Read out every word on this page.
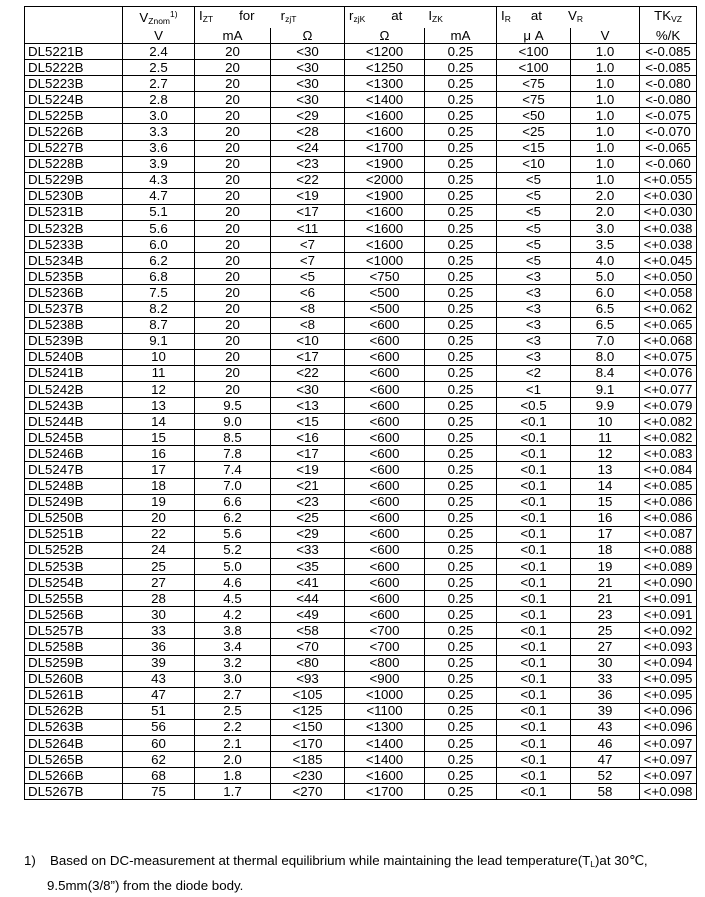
	$V_{Znom}^{1)}$	$I_{ZT}$ for $r_{zjT}$		$r_{zjK}$ at $I_{ZK}$		$I_R$ at $V_R$		$TK_{VZ}$
	V	mA	Ω	Ω	mA	μ A	V	%/K
DL5221B	2.4	20	<30	<1200	0.25	<100	1.0	<-0.085
DL5222B	2.5	20	<30	<1250	0.25	<100	1.0	<-0.085
DL5223B	2.7	20	<30	<1300	0.25	<75	1.0	<-0.080
DL5224B	2.8	20	<30	<1400	0.25	<75	1.0	<-0.080
DL5225B	3.0	20	<29	<1600	0.25	<50	1.0	<-0.075
DL5226B	3.3	20	<28	<1600	0.25	<25	1.0	<-0.070
DL5227B	3.6	20	<24	<1700	0.25	<15	1.0	<-0.065
DL5228B	3.9	20	<23	<1900	0.25	<10	1.0	<-0.060
DL5229B	4.3	20	<22	<2000	0.25	<5	1.0	<+0.055
DL5230B	4.7	20	<19	<1900	0.25	<5	2.0	<+0.030
DL5231B	5.1	20	<17	<1600	0.25	<5	2.0	<+0.030
DL5232B	5.6	20	<11	<1600	0.25	<5	3.0	<+0.038
DL5233B	6.0	20	<7	<1600	0.25	<5	3.5	<+0.038
DL5234B	6.2	20	<7	<1000	0.25	<5	4.0	<+0.045
DL5235B	6.8	20	<5	<750	0.25	<3	5.0	<+0.050
DL5236B	7.5	20	<6	<500	0.25	<3	6.0	<+0.058
DL5237B	8.2	20	<8	<500	0.25	<3	6.5	<+0.062
DL5238B	8.7	20	<8	<600	0.25	<3	6.5	<+0.065
DL5239B	9.1	20	<10	<600	0.25	<3	7.0	<+0.068
DL5240B	10	20	<17	<600	0.25	<3	8.0	<+0.075
DL5241B	11	20	<22	<600	0.25	<2	8.4	<+0.076
DL5242B	12	20	<30	<600	0.25	<1	9.1	<+0.077
DL5243B	13	9.5	<13	<600	0.25	<0.5	9.9	<+0.079
DL5244B	14	9.0	<15	<600	0.25	<0.1	10	<+0.082
DL5245B	15	8.5	<16	<600	0.25	<0.1	11	<+0.082
DL5246B	16	7.8	<17	<600	0.25	<0.1	12	<+0.083
DL5247B	17	7.4	<19	<600	0.25	<0.1	13	<+0.084
DL5248B	18	7.0	<21	<600	0.25	<0.1	14	<+0.085
DL5249B	19	6.6	<23	<600	0.25	<0.1	15	<+0.086
DL5250B	20	6.2	<25	<600	0.25	<0.1	16	<+0.086
DL5251B	22	5.6	<29	<600	0.25	<0.1	17	<+0.087
DL5252B	24	5.2	<33	<600	0.25	<0.1	18	<+0.088
DL5253B	25	5.0	<35	<600	0.25	<0.1	19	<+0.089
DL5254B	27	4.6	<41	<600	0.25	<0.1	21	<+0.090
DL5255B	28	4.5	<44	<600	0.25	<0.1	21	<+0.091
DL5256B	30	4.2	<49	<600	0.25	<0.1	23	<+0.091
DL5257B	33	3.8	<58	<700	0.25	<0.1	25	<+0.092
DL5258B	36	3.4	<70	<700	0.25	<0.1	27	<+0.093
DL5259B	39	3.2	<80	<800	0.25	<0.1	30	<+0.094
DL5260B	43	3.0	<93	<900	0.25	<0.1	33	<+0.095
DL5261B	47	2.7	<105	<1000	0.25	<0.1	36	<+0.095
DL5262B	51	2.5	<125	<1100	0.25	<0.1	39	<+0.096
DL5263B	56	2.2	<150	<1300	0.25	<0.1	43	<+0.096
DL5264B	60	2.1	<170	<1400	0.25	<0.1	46	<+0.097
DL5265B	62	2.0	<185	<1400	0.25	<0.1	47	<+0.097
DL5266B	68	1.8	<230	<1600	0.25	<0.1	52	<+0.097
DL5267B	75	1.7	<270	<1700	0.25	<0.1	58	<+0.098
1) Based on DC-measurement at thermal equilibrium while maintaining the lead $temperature(T_L)at$ 30℃,
9.5mm(3/8”) from the diode body.
